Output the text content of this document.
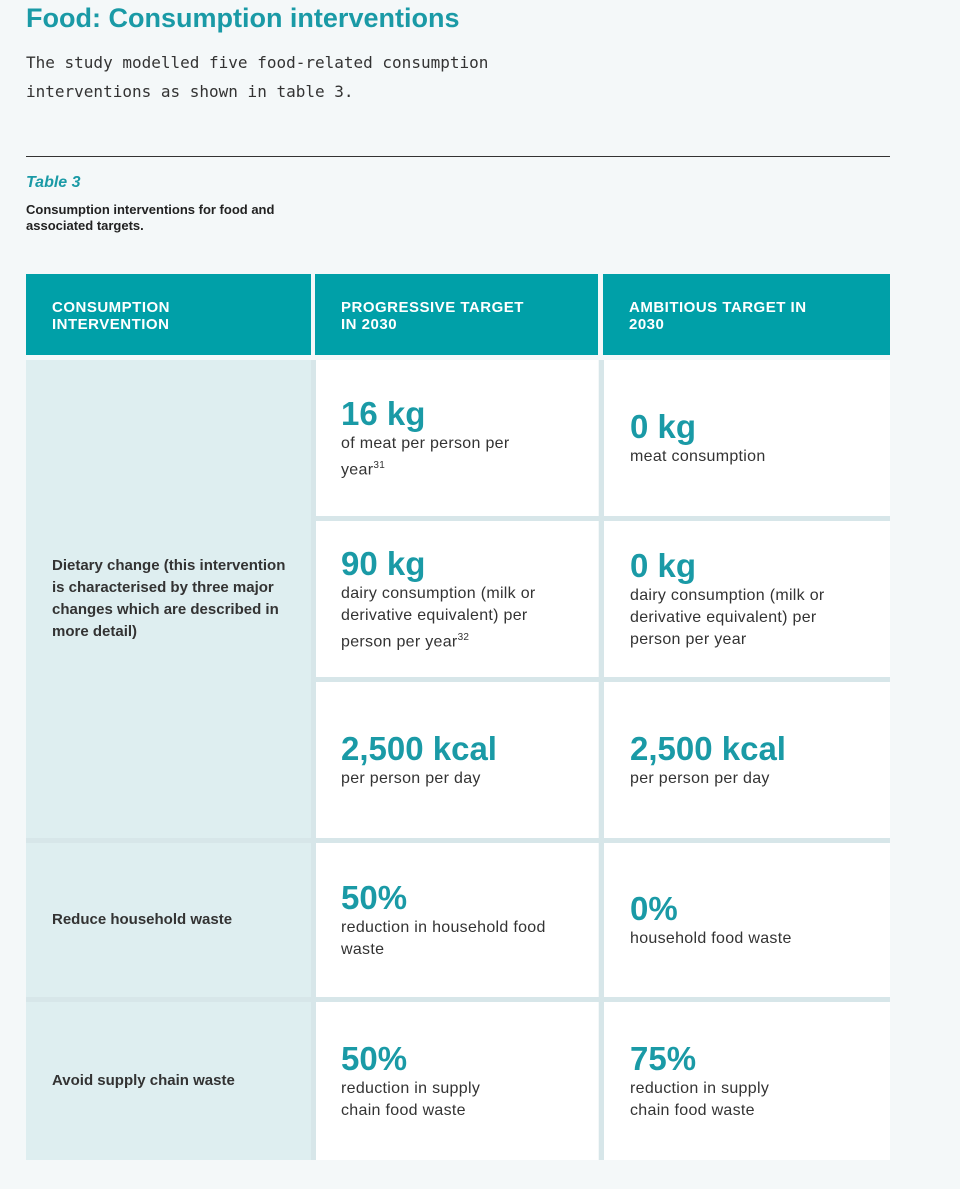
Food: Consumption interventions
The study modelled five food-related consumption interventions as shown in table 3.
Table 3
Consumption interventions for food and associated targets.
CONSUMPTION INTERVENTION
PROGRESSIVE TARGET IN 2030
AMBITIOUS TARGET IN 2030
Dietary change (this intervention is characterised by three major changes which are described in more detail)
16 kg
of meat per person per year$^{31}$
0 kg
meat consumption
90 kg
dairy consumption (milk or derivative equivalent) per person per year$^{32}$
0 kg
dairy consumption (milk or derivative equivalent) per person per year
2,500 kcal
per person per day
2,500 kcal
per person per day
Reduce household waste
50%
reduction in household food waste
0%
household food waste
Avoid supply chain waste
50%
reduction in supply chain food waste
75%
reduction in supply chain food waste
